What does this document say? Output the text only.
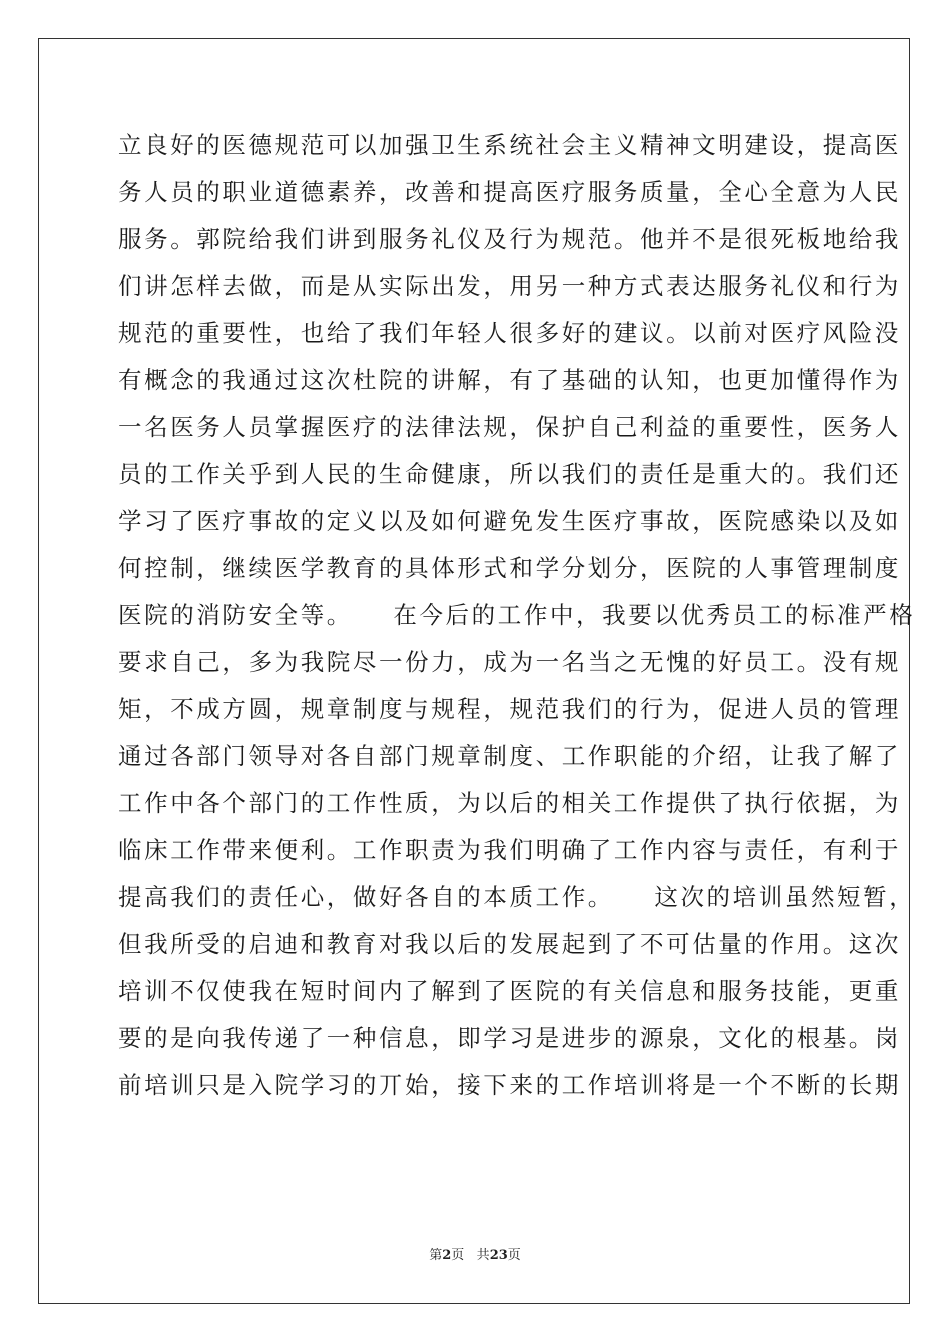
立良好的医德规范可以加强卫生系统社会主义精神文明建设，提高医
务人员的职业道德素养，改善和提高医疗服务质量，全心全意为人民
服务。郭院给我们讲到服务礼仪及行为规范。他并不是很死板地给我
们讲怎样去做，而是从实际出发，用另一种方式表达服务礼仪和行为
规范的重要性，也给了我们年轻人很多好的建议。以前对医疗风险没
有概念的我通过这次杜院的讲解，有了基础的认知，也更加懂得作为
一名医务人员掌握医疗的法律法规，保护自己利益的重要性，医务人
员的工作关乎到人民的生命健康，所以我们的责任是重大的。我们还
学习了医疗事故的定义以及如何避免发生医疗事故，医院感染以及如
何控制，继续医学教育的具体形式和学分划分，医院的人事管理制度
医院的消防安全等。　　在今后的工作中，我要以优秀员工的标准严格
要求自己，多为我院尽一份力，成为一名当之无愧的好员工。没有规
矩，不成方圆，规章制度与规程，规范我们的行为，促进人员的管理
通过各部门领导对各自部门规章制度、工作职能的介绍，让我了解了
工作中各个部门的工作性质，为以后的相关工作提供了执行依据，为
临床工作带来便利。工作职责为我们明确了工作内容与责任，有利于
提高我们的责任心，做好各自的本质工作。　　这次的培训虽然短暂，
但我所受的启迪和教育对我以后的发展起到了不可估量的作用。这次
培训不仅使我在短时间内了解到了医院的有关信息和服务技能，更重
要的是向我传递了一种信息，即学习是进步的源泉，文化的根基。岗
前培训只是入院学习的丌始，接下来的工作培训将是一个不断的长期
第2页 共23页
